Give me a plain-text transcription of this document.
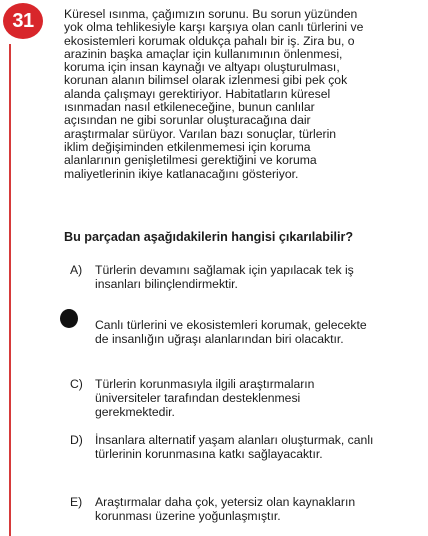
31 Küresel ısınma, çağımızın sorunu. Bu sorun yüzünden
yok olma tehlikesiyle karşı karşıya olan canlı türlerini ve
ekosistemleri korumak oldukça pahalı bir iş. Zira bu, o
arazinin başka amaçlar için kullanımının önlenmesi,
koruma için insan kaynağı ve altyapı oluşturulması,
korunan alanın bilimsel olarak izlenmesi gibi pek çok
alanda çalışmayı gerektiriyor. Habitatların küresel
ısınmadan nasıl etkileneceğine, bunun canlılar
açısından ne gibi sorunlar oluşturacağına dair
araştırmalar sürüyor. Varılan bazı sonuçlar, türlerin
iklim değişiminden etkilenmemesi için koruma
alanlarının genişletilmesi gerektiğini ve koruma
maliyetlerinin ikiye katlanacağını gösteriyor.

Bu parçadan aşağıdakilerin hangisi çıkarılabilir?

A) Türlerin devamını sağlamak için yapılacak tek iş
insanları bilinçlendirmektir.
Canlı türlerini ve ekosistemleri korumak, gelecekte
de insanlığın uğraşı alanlarından biri olacaktır.
C) Türlerin korunmasıyla ilgili araştırmaların
üniversiteler tarafından desteklenmesi
gerekmektedir.
D) İnsanlara alternatif yaşam alanları oluşturmak, canlı
türlerinin korunmasına katkı sağlayacaktır.
E) Araştırmalar daha çok, yetersiz olan kaynakların
korunması üzerine yoğunlaşmıştır.
